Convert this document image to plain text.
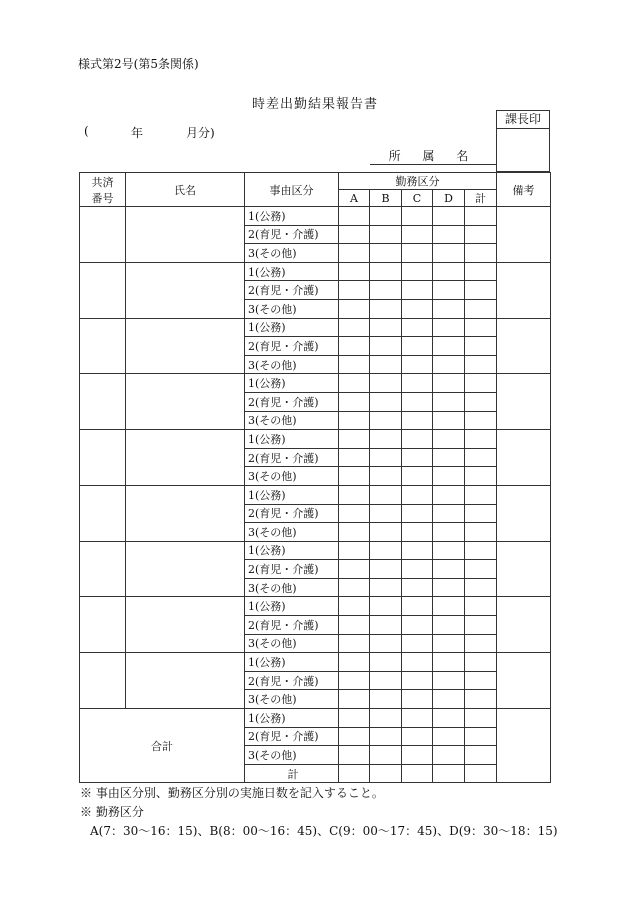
様式第2号(第5条関係)
時差出勤結果報告書
(	年	月分)
所 属 名
課長印
共済
番号	氏名	事由区分	勤務区分					備考
			A	B	C	D	計	
		1(公務)						
		2(育児・介護)						
		3(その他)						
		1(公務)						
		2(育児・介護)						
		3(その他)						
		1(公務)						
		2(育児・介護)						
		3(その他)						
		1(公務)						
		2(育児・介護)						
		3(その他)						
		1(公務)						
		2(育児・介護)						
		3(その他)						
		1(公務)						
		2(育児・介護)						
		3(その他)						
		1(公務)						
		2(育児・介護)						
		3(その他)						
		1(公務)						
		2(育児・介護)						
		3(その他)						
		1(公務)						
		2(育児・介護)						
		3(その他)						
合計		1(公務)						
		2(育児・介護)						
		3(その他)						
		計						
※ 事由区分別、勤務区分別の実施日数を記入すること。
※ 勤務区分
A(7：30〜16：15)、B(8：00〜16：45)、C(9：00〜17：45)、D(9：30〜18：15)
